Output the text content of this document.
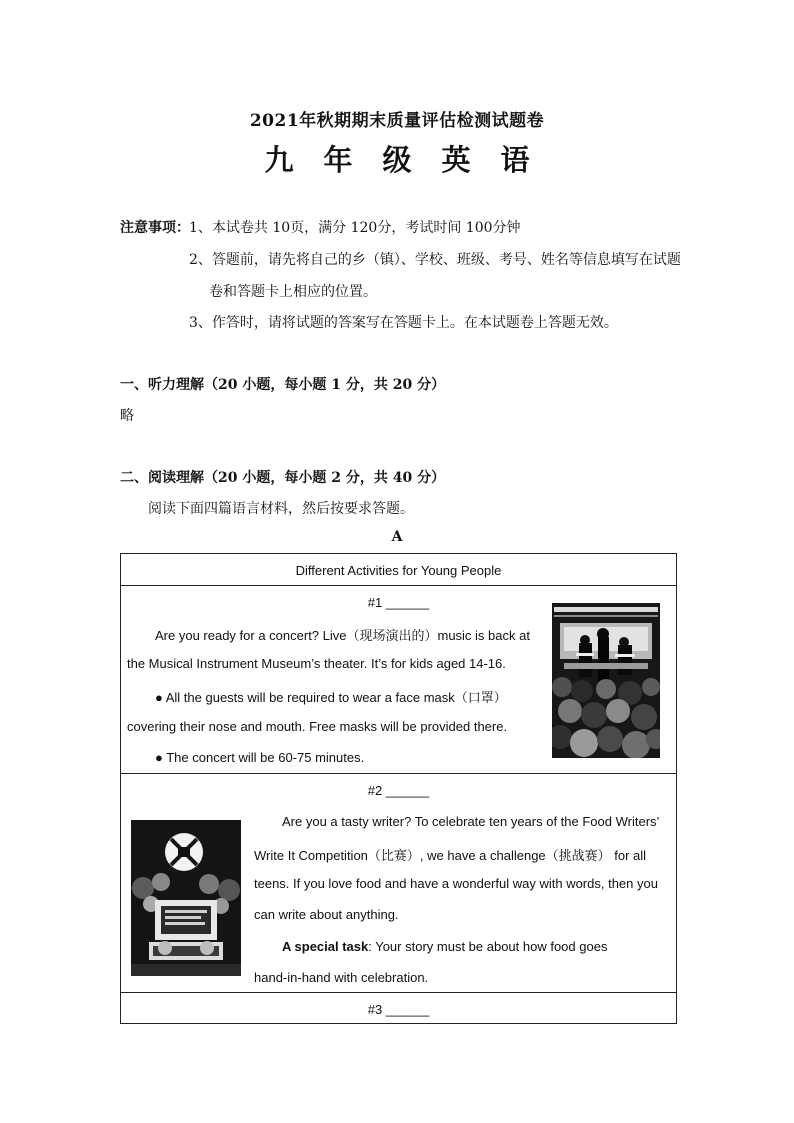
2021年秋期期末质量评估检测试题卷
九年级英语
注意事项： 1、本试卷共 10页，满分 120分，考试时间 100分钟
2、答题前，请先将自己的乡（镇）、学校、班级、考号、姓名等信息填写在试题
卷和答题卡上相应的位置。
3、作答时，请将试题的答案写在答题卡上。在本试题卷上答题无效。
一、听力理解（20 小题，每小题 1 分，共 20 分）
略
二、阅读理解（20 小题，每小题 2 分，共 40 分）
阅读下面四篇语言材料，然后按要求答题。
A
Different Activities for Young People
#1 ______
Are you ready for a concert? Live（现场演出的）music is back at
the Musical Instrument Museum’s theater. It’s for kids aged 14-16.
● All the guests will be required to wear a face mask（口罩）
covering their nose and mouth. Free masks will be provided there.
● The concert will be 60-75 minutes.
#2 ______
Are you a tasty writer? To celebrate ten years of the Food Writers’
Write It Competition（比赛）, we have a challenge（挑战赛） for all
teens. If you love food and have a wonderful way with words, then you
can write about anything.
A special task: Your story must be about how food goes
hand-in-hand with celebration.
#3 ______
